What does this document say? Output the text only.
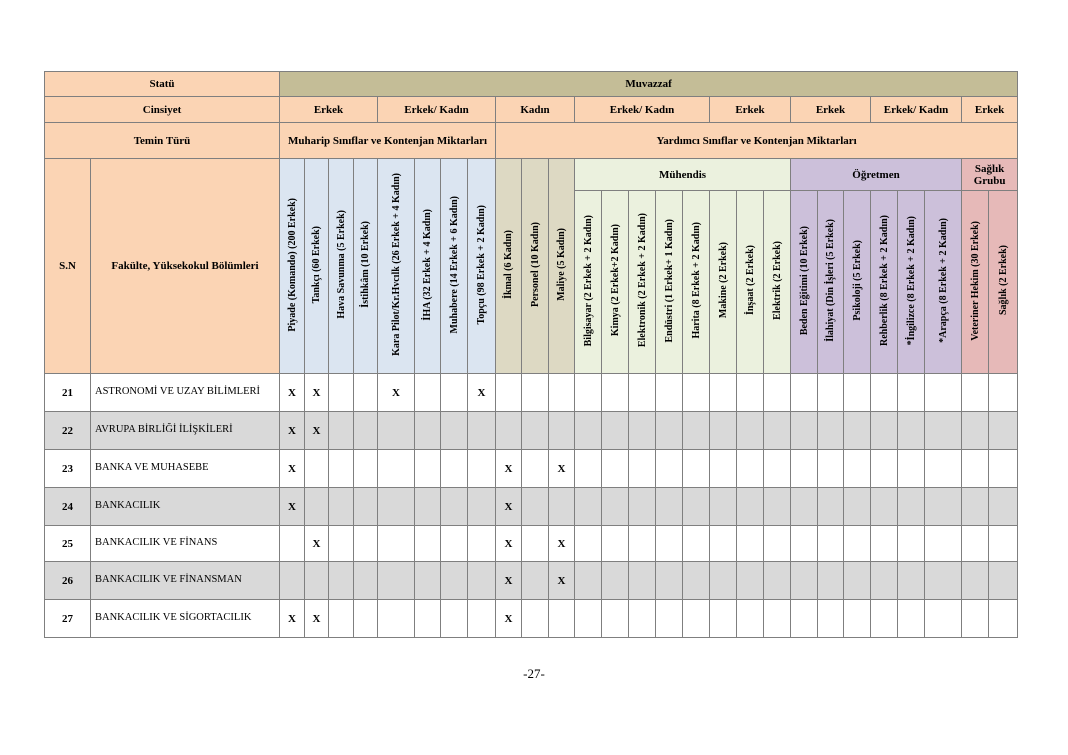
Statü		Muvazzaf																										
Cinsiyet		Erkek				Erkek/ Kadın				Kadın			Erkek/ Kadın					Erkek			Erkek			Erkek/ Kadın			Erkek	
Temin Türü		Muharip Sınıflar ve Kontenjan Miktarları								Yardımcı Sınıflar ve Kontenjan Miktarları																		
S.N	Fakülte, Yüksekokul Bölümleri	Piyade (Komando) (200 Erkek)	Tankçı (60 Erkek)	Hava Savunma (5 Erkek)	İstihkâm (10 Erkek)	Kara Pilot/Kr.Hvcılk (26 Erkek + 4 Kadın)	İHA (32 Erkek + 4 Kadın)	Muhabere (14 Erkek + 6 Kadın)	Topçu (98 Erkek + 2 Kadın)	İkmal (6 Kadın)	Personel (10 Kadın)	Maliye (5 Kadın)	Mühendis								Öğretmen						Sağlık Grubu	
													Bilgisayar (2 Erkek + 2 Kadın)	Kimya (2 Erkek+2 Kadın)	Elektronik (2 Erkek + 2 Kadın)	Endüstri (1 Erkek+ 1 Kadın)	Harita (8 Erkek + 2 Kadın)	Makine (2 Erkek)	İnşaat (2 Erkek)	Elektrik (2 Erkek)	Beden Eğitimi (10 Erkek)	İlahiyat (Din İşleri (5 Erkek)	Psikoloji (5 Erkek)	Rehberlik (8 Erkek + 2 Kadın)	*İngilizce (8 Erkek + 2 Kadın)	*Arapça (8 Erkek + 2 Kadın)	Veteriner Hekim (30 Erkek)	Sağlık (2 Erkek)
21	ASTRONOMİ VE UZAY BİLİMLERİ	X	X			X			X																			
22	AVRUPA BİRLİĞİ İLİŞKİLERİ	X	X																									
23	BANKA VE MUHASEBE	X								X		X																
24	BANKACILIK	X								X																		
25	BANKACILIK VE FİNANS		X							X		X																
26	BANKACILIK VE FİNANSMAN									X		X																
27	BANKACILIK VE SİGORTACILIK	X	X							X																		
-27-
